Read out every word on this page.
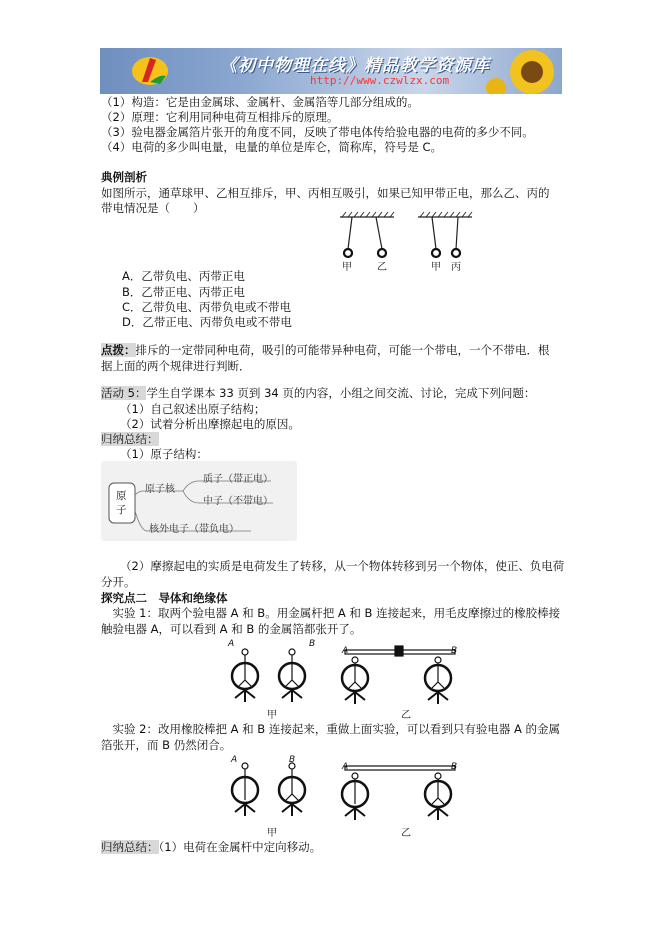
《初中物理在线》精品教学资源库
http://www.czwlzx.com
（1）构造：它是由金属球、金属杆、金属箔等几部分组成的。
（2）原理：它利用同种电荷互相排斥的原理。
（3）验电器金属箔片张开的角度不同，反映了带电体传给验电器的电荷的多少不同。
（4）电荷的多少叫电量，电量的单位是库仑，简称库，符号是 C。
典例剖析
如图所示，通草球甲、乙相互排斥，甲、丙相互吸引，如果已知甲带正电，那么乙、丙的
带电情况是（　　）
甲	乙	甲 丙
A．乙带负电、丙带正电
B．乙带正电、丙带正电
C．乙带负电、丙带负电或不带电
D．乙带正电、丙带负电或不带电
点拨：排斥的一定带同种电荷，吸引的可能带异种电荷，可能一个带电，一个不带电．根
据上面的两个规律进行判断．
活动 5：学生自学课本 33 页到 34 页的内容，小组之间交流、讨论，完成下列问题：
（1）自己叙述出原子结构；
（2）试着分析出摩擦起电的原因。
归纳总结：
（1）原子结构：
原子
原子核
质子（带正电）
中子（不带电）
核外电子（带负电）
（2）摩擦起电的实质是电荷发生了转移，从一个物体转移到另一个物体，使正、负电荷
分开。
探究点二　导体和绝缘体
　实验 1：取两个验电器 A 和 B。用金属杆把 A 和 B 连接起来，用毛皮摩擦过的橡胶棒接
触验电器 A，可以看到 A 和 B 的金属箔都张开了。
A	B
A	B
甲	乙
　实验 2：改用橡胶棒把 A 和 B 连接起来，重做上面实验，可以看到只有验电器 A 的金属
箔张开，而 B 仍然闭合。
A	B
A	B
甲	乙
归纳总结：（1）电荷在金属杆中定向移动。
